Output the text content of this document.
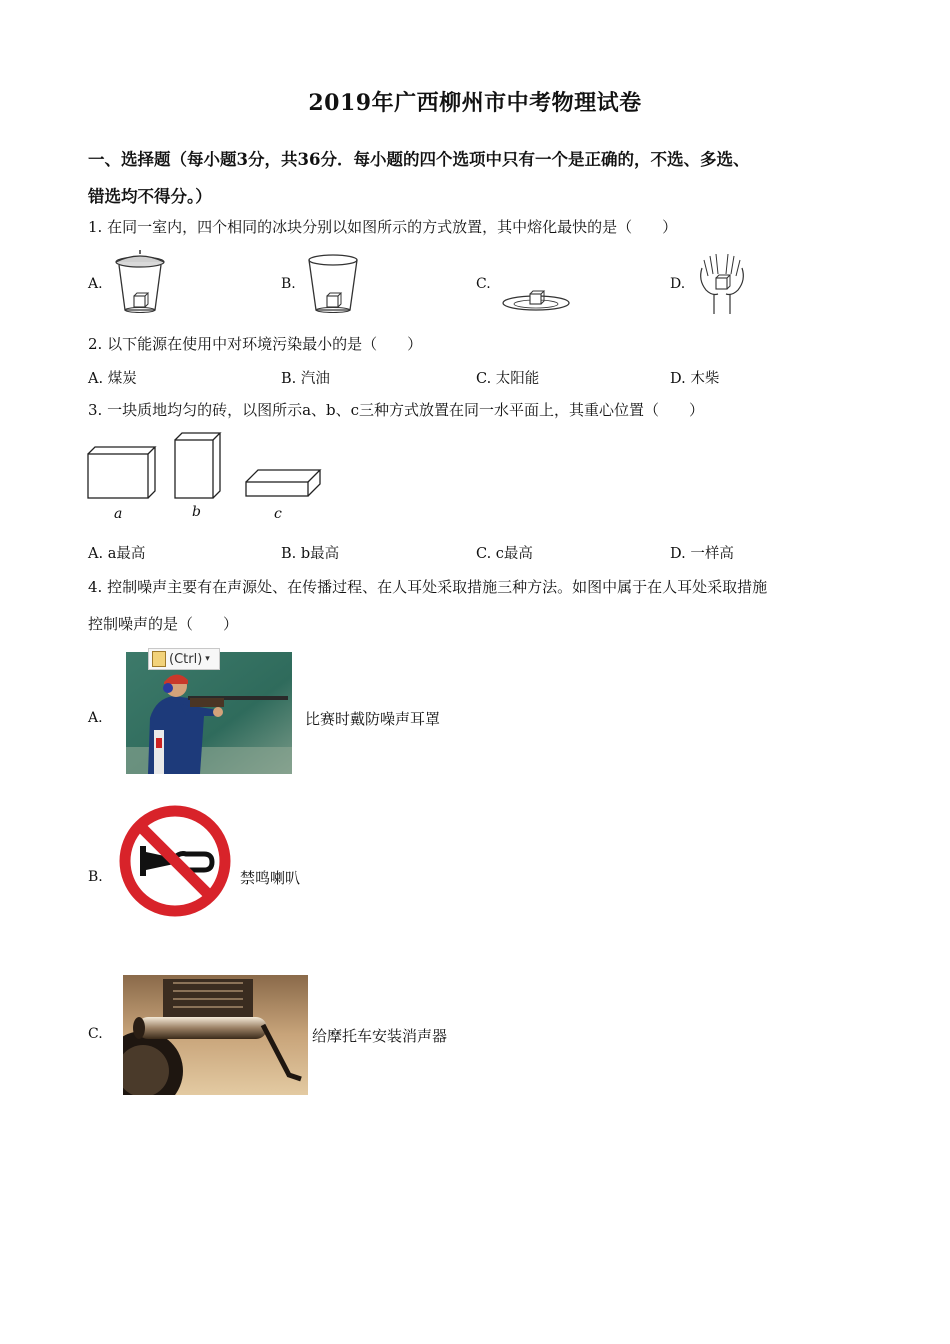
2019年广西柳州市中考物理试卷
一、选择题（每小题3分，共36分．每小题的四个选项中只有一个是正确的，不选、多选、
错选均不得分。）
1. 在同一室内，四个相同的冰块分别以如图所示的方式放置，其中熔化最快的是（　　）
A.	B.	C.	D.
2. 以下能源在使用中对环境污染最小的是（　　）
A. 煤炭	B. 汽油	C. 太阳能	D. 木柴
3. 一块质地均匀的砖，以图所示a、b、c三种方式放置在同一水平面上，其重心位置（　　）
a	b	c
A. a最高	B. b最高	C. c最高	D. 一样高
4. 控制噪声主要有在声源处、在传播过程、在人耳处采取措施三种方法。如图中属于在人耳处采取措施
控制噪声的是（　　）
A.
(Ctrl) ▾
比赛时戴防噪声耳罩
B.	禁鸣喇叭
C.	给摩托车安装消声器
